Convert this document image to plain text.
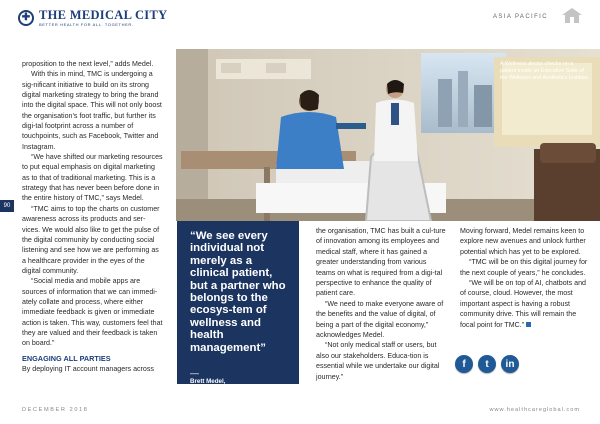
✚ THE MEDICAL CITY
BETTER HEALTH FOR ALL. TOGETHER.
ASIA PACIFIC
90

proposition to the next level,” adds Medel.

With this in mind, TMC is undergoing a sig-nificant initiative to build on its strong digital marketing strategy to bring the brand into the digital space. This will not only boost the organisation’s foot traffic, but further its digi-tal footprint across a number of touchpoints, such as Facebook, Twitter and Instagram.

“We have shifted our marketing resources to put equal emphasis on digital marketing as to that of traditional marketing. This is a strategy that has never been before done in the entire history of TMC,” says Medel.

“TMC aims to top the charts on customer awareness across its products and ser-vices. We would also like to get the pulse of the digital community by conducting social listening and see how we are performing as a healthcare provider in the eyes of the digital community.

“Social media and mobile apps are sources of information that we can immedi-ately collate and process, where either immediate feedback is given or immediate action is taken. This way, customers feel that they are valued and their feedback is taken on board.”

ENGAGING ALL PARTIES

By deploying IT account managers across

A Wellness doctor checks on a patient inside an Executive Suite of the Wellness and Aesthetics Institute.
“We see every individual not merely as a clinical patient, but a partner who belongs to the ecosys-tem of wellness and health management”
—
Brett Medel,
Group Chief Information Officer

the organisation, TMC has built a cul-ture of innovation among its employees and medical staff, where it has gained a greater understanding from various teams on what is required from a digi-tal perspective to enhance the quality of patient care.

“We need to make everyone aware of the benefits and the value of digital, of being a part of the digital economy,” acknowledges Medel.

“Not only medical staff or users, but also our stakeholders. Educa-tion is essential while we undertake our digital journey.”

Moving forward, Medel remains keen to explore new avenues and unlock further potential which has yet to be explored.

“TMC will be on this digital journey for the next couple of years,” he concludes.

“We will be on top of AI, chatbots and of course, cloud. However, the most important aspect is having a robust community drive. This will remain the focal point for TMC.”

f	t	in
DECEMBER 2018	www.healthcareglobal.com
